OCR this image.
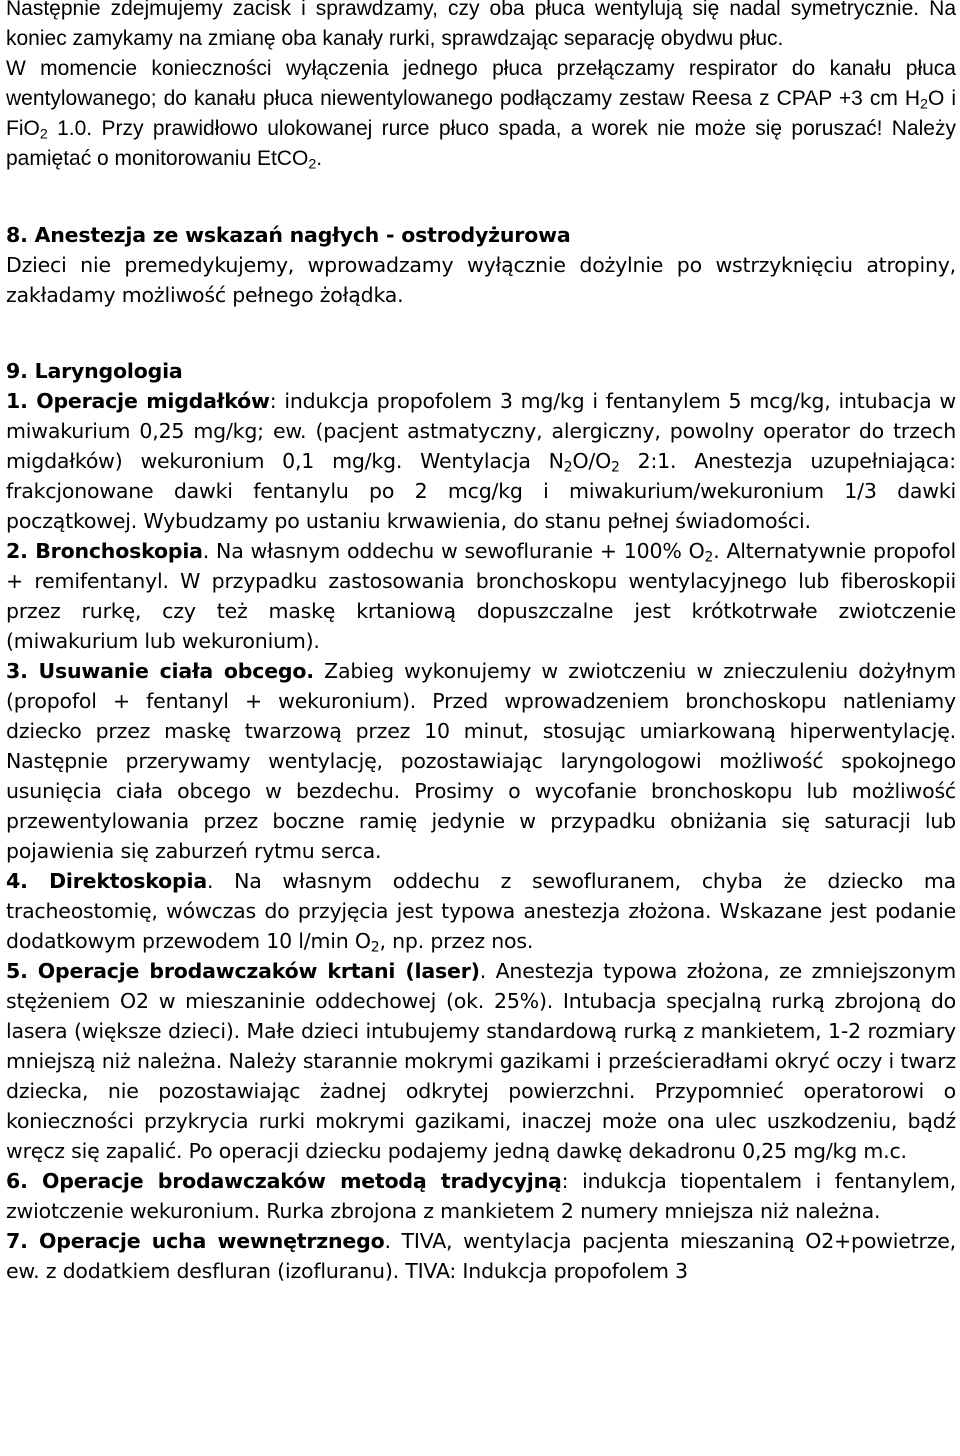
Następnie zdejmujemy zacisk i sprawdzamy, czy oba płuca wentylują się nadal symetrycznie. Na koniec zamykamy na zmianę oba kanały rurki, sprawdzając separację obydwu płuc.

W momencie konieczności wyłączenia jednego płuca przełączamy respirator do kanału płuca wentylowanego; do kanału płuca niewentylowanego podłączamy zestaw Reesa z CPAP +3 cm $H_2O$ i FiO$_2$ 1.0. Przy prawidłowo ulokowanej rurce płuco spada, a worek nie może się poruszać! Należy pamiętać o monitorowaniu EtCO$_2$.

8. Anestezja ze wskazań nagłych - ostrodyżurowa

Dzieci nie premedykujemy, wprowadzamy wyłącznie dożylnie po wstrzyknięciu atropiny, zakładamy możliwość pełnego żołądka.

9. Laryngologia

1. Operacje migdałków: indukcja propofolem 3 mg/kg i fentanylem 5 mcg/kg, intubacja w miwakurium 0,25 mg/kg; ew. (pacjent astmatyczny, alergiczny, powolny operator do trzech migdałków) wekuronium 0,1 mg/kg. Wentylacja $N_2O/O_2$ 2:1. Anestezja uzupełniająca: frakcjonowane dawki fentanylu po 2 mcg/kg i miwakurium/wekuronium 1/3 dawki początkowej. Wybudzamy po ustaniu krwawienia, do stanu pełnej świadomości.

2. Bronchoskopia. Na własnym oddechu w sewofluranie + 100% $O_2$. Alternatywnie propofol + remifentanyl. W przypadku zastosowania bronchoskopu wentylacyjnego lub fiberoskopii przez rurkę, czy też maskę krtaniową dopuszczalne jest krótkotrwałe zwiotczenie (miwakurium lub wekuronium).

3. Usuwanie ciała obcego. Zabieg wykonujemy w zwiotczeniu w znieczuleniu dożyłnym (propofol + fentanyl + wekuronium). Przed wprowadzeniem bronchoskopu natleniamy dziecko przez maskę twarzową przez 10 minut, stosując umiarkowaną hiperwentylację. Następnie przerywamy wentylację, pozostawiając laryngologowi możliwość spokojnego usunięcia ciała obcego w bezdechu. Prosimy o wycofanie bronchoskopu lub możliwość przewentylowania przez boczne ramię jedynie w przypadku obniżania się saturacji lub pojawienia się zaburzeń rytmu serca.

4. Direktoskopia. Na własnym oddechu z sewofluranem, chyba że dziecko ma tracheostomię, wówczas do przyjęcia jest typowa anestezja złożona. Wskazane jest podanie dodatkowym przewodem 10 l/min $O_2$, np. przez nos.

5. Operacje brodawczaków krtani (laser). Anestezja typowa złożona, ze zmniejszonym stężeniem O2 w mieszaninie oddechowej (ok. 25%). Intubacja specjalną rurką zbrojoną do lasera (większe dzieci). Małe dzieci intubujemy standardową rurką z mankietem, 1-2 rozmiary mniejszą niż należna. Należy starannie mokrymi gazikami i prześcieradłami okryć oczy i twarz dziecka, nie pozostawiając żadnej odkrytej powierzchni. Przypomnieć operatorowi o konieczności przykrycia rurki mokrymi gazikami, inaczej może ona ulec uszkodzeniu, bądź wręcz się zapalić. Po operacji dziecku podajemy jedną dawkę dekadronu 0,25 mg/kg m.c.

6. Operacje brodawczaków metodą tradycyjną: indukcja tiopentalem i fentanylem, zwiotczenie wekuronium. Rurka zbrojona z mankietem 2 numery mniejsza niż należna.

7. Operacje ucha wewnętrznego. TIVA, wentylacja pacjenta mieszaniną O2+powietrze, ew. z dodatkiem desfluran (izofluranu). TIVA: Indukcja propofolem 3
